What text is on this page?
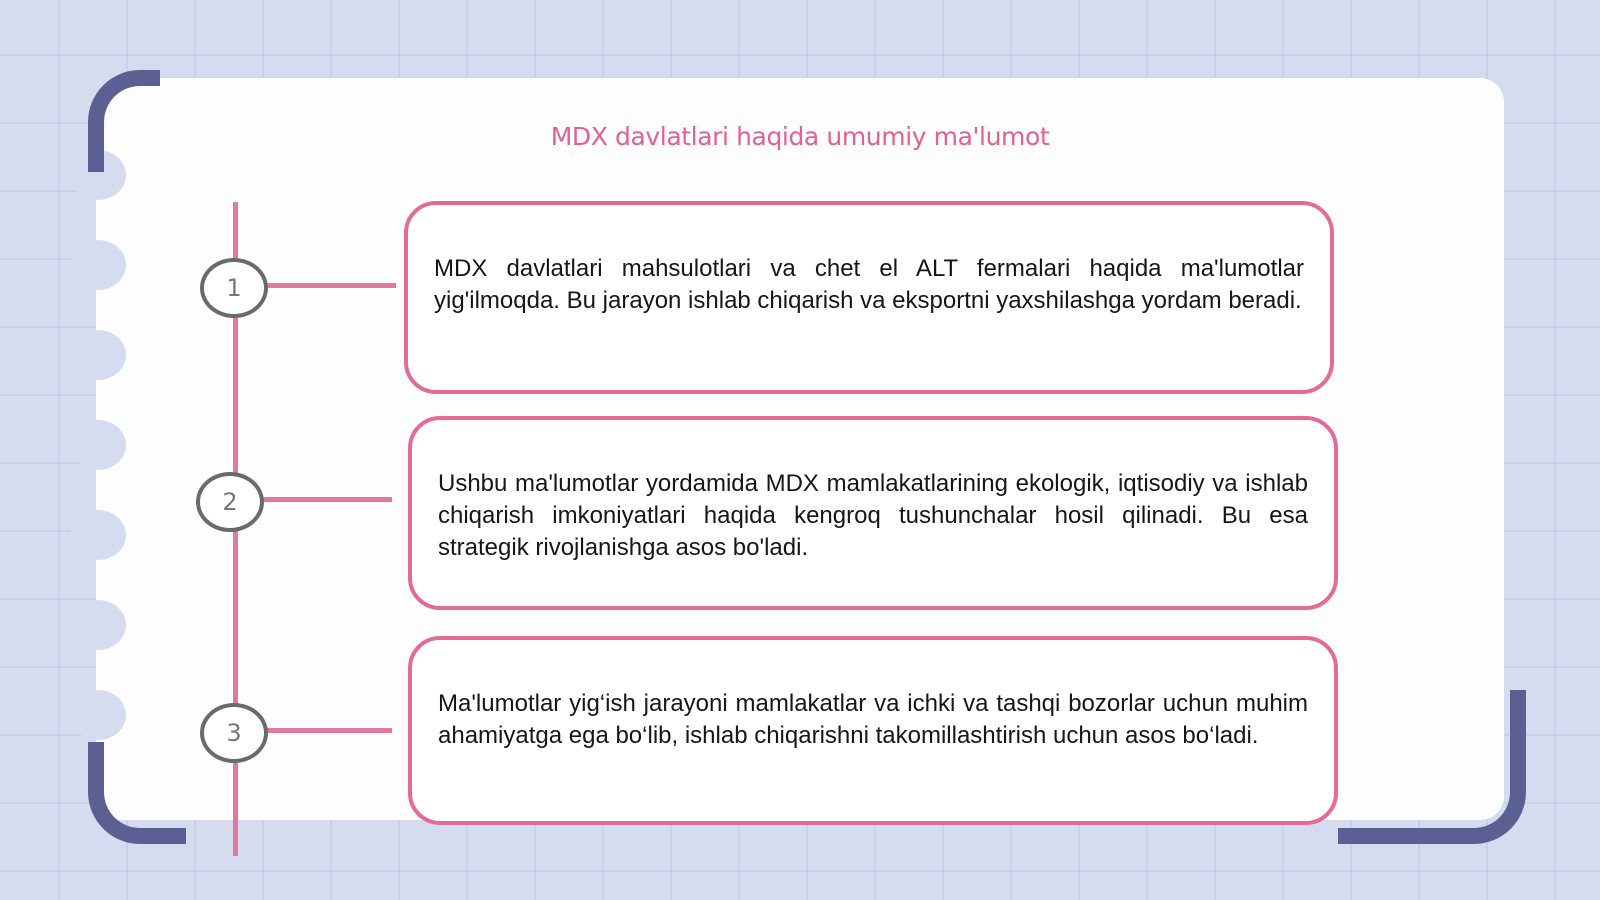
MDX davlatlari haqida umumiy ma'lumot
1
2
3

MDX davlatlari mahsulotlari va chet el ALT fermalari haqida ma'lumotlar yig'ilmoqda. Bu jarayon ishlab chiqarish va eksportni yaxshilashga yordam beradi.

Ushbu ma'lumotlar yordamida MDX mamlakatlarining ekologik, iqtisodiy va ishlab chiqarish imkoniyatlari haqida kengroq tushunchalar hosil qilinadi. Bu esa strategik rivojlanishga asos bo'ladi.

Ma'lumotlar yig‘ish jarayoni mamlakatlar va ichki va tashqi bozorlar uchun muhim ahamiyatga ega bo‘lib, ishlab chiqarishni takomillashtirish uchun asos bo‘ladi.
